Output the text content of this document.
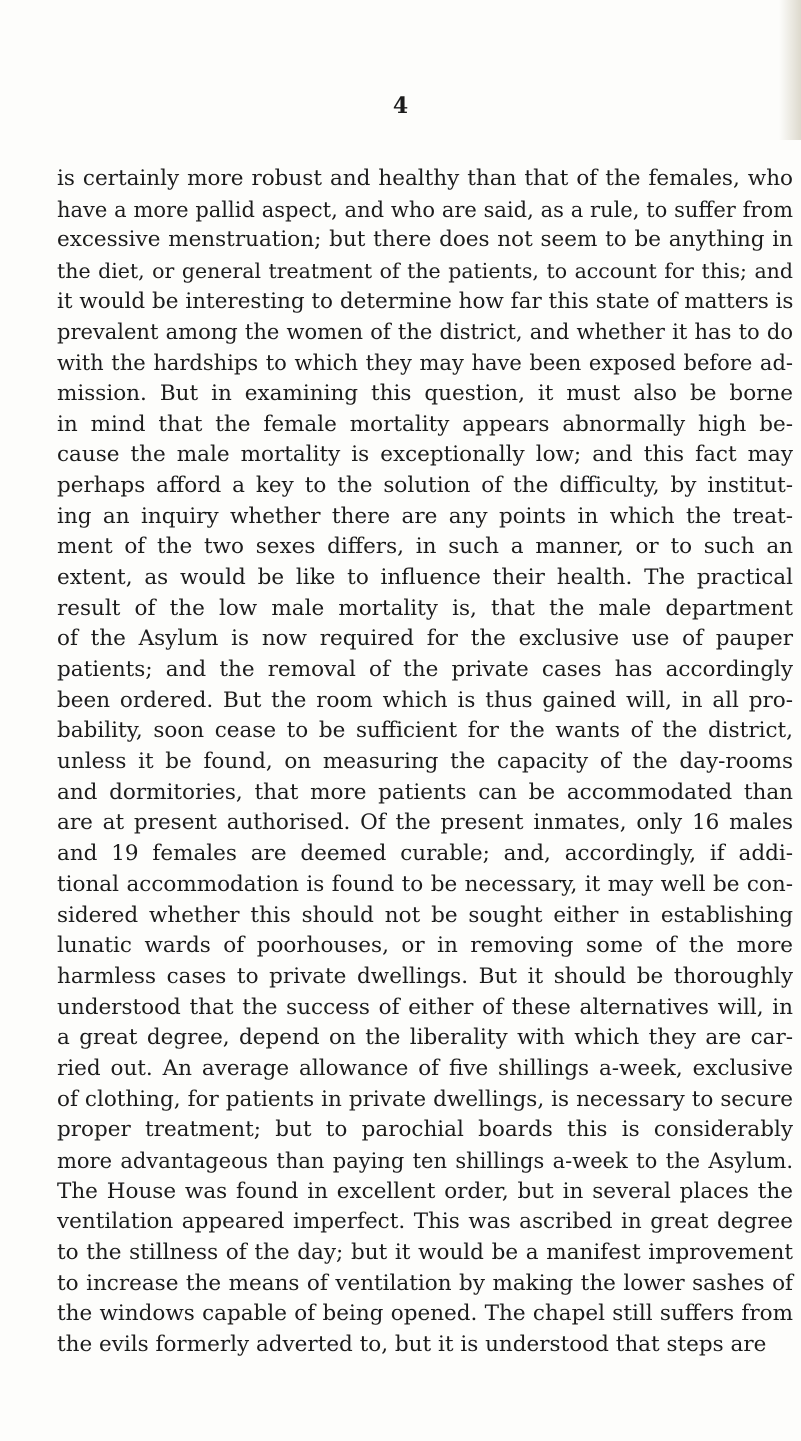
4
is certainly more robust and healthy than that of the females, who
have a more pallid aspect, and who are said, as a rule, to suffer from
excessive menstruation; but there does not seem to be anything in
the diet, or general treatment of the patients, to account for this; and
it would be interesting to determine how far this state of matters is
prevalent among the women of the district, and whether it has to do
with the hardships to which they may have been exposed before ad-
mission. But in examining this question, it must also be borne
in mind that the female mortality appears abnormally high be-
cause the male mortality is exceptionally low; and this fact may
perhaps afford a key to the solution of the difficulty, by institut-
ing an inquiry whether there are any points in which the treat-
ment of the two sexes differs, in such a manner, or to such an
extent, as would be like to influence their health. The practical
result of the low male mortality is, that the male department
of the Asylum is now required for the exclusive use of pauper
patients; and the removal of the private cases has accordingly
been ordered. But the room which is thus gained will, in all pro-
bability, soon cease to be sufficient for the wants of the district,
unless it be found, on measuring the capacity of the day-rooms
and dormitories, that more patients can be accommodated than
are at present authorised. Of the present inmates, only 16 males
and 19 females are deemed curable; and, accordingly, if addi-
tional accommodation is found to be necessary, it may well be con-
sidered whether this should not be sought either in establishing
lunatic wards of poorhouses, or in removing some of the more
harmless cases to private dwellings. But it should be thoroughly
understood that the success of either of these alternatives will, in
a great degree, depend on the liberality with which they are car-
ried out. An average allowance of five shillings a-week, exclusive
of clothing, for patients in private dwellings, is necessary to secure
proper treatment; but to parochial boards this is considerably
more advantageous than paying ten shillings a-week to the Asylum.
The House was found in excellent order, but in several places the
ventilation appeared imperfect. This was ascribed in great degree
to the stillness of the day; but it would be a manifest improvement
to increase the means of ventilation by making the lower sashes of
the windows capable of being opened. The chapel still suffers from
the evils formerly adverted to, but it is understood that steps are
